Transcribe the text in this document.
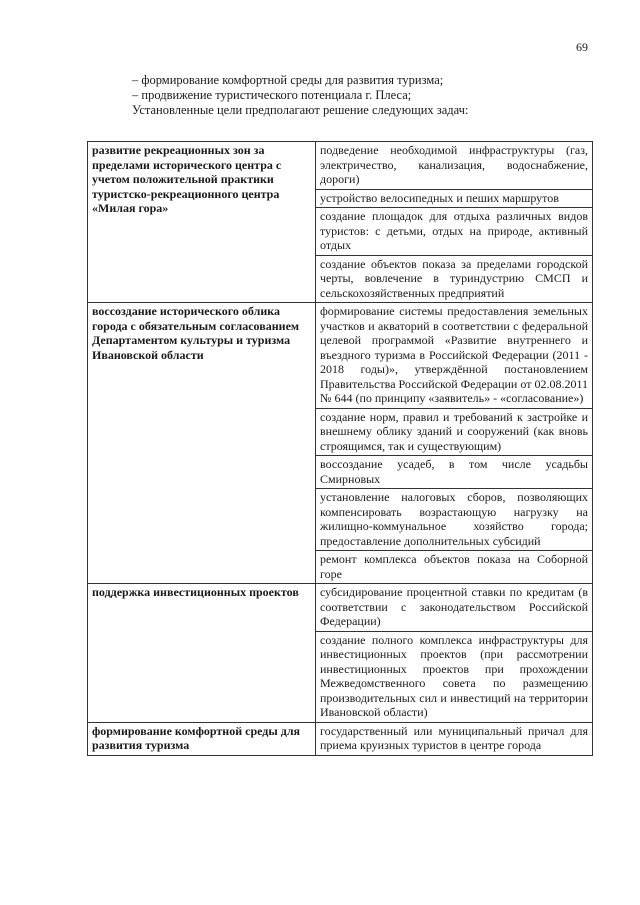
69
– формирование комфортной среды для развития туризма;
– продвижение туристического потенциала г. Плеса;
Установленные цели предполагают решение следующих задач:
развитие рекреационных зон за пределами исторического центра с учетом положительной практики туристско-рекреационного центра «Милая гора»	подведение необходимой инфраструктуры (газ, электричество, канализация, водоснабжение, дороги)
	устройство велосипедных и пеших маршрутов
	создание площадок для отдыха различных видов туристов: с детьми, отдых на природе, активный отдых
	создание объектов показа за пределами городской черты, вовлечение в туриндустрию СМСП и сельскохозяйственных предприятий
воссоздание исторического облика города с обязательным согласованием Департаментом культуры и туризма Ивановской области	формирование системы предоставления земельных участков и акваторий в соответствии с федеральной целевой программой «Развитие внутреннего и въездного туризма в Российской Федерации (2011 - 2018 годы)», утверждённой постановлением Правительства Российской Федерации от 02.08.2011 № 644 (по принципу «заявитель» - «согласование»)
	создание норм, правил и требований к застройке и внешнему облику зданий и сооружений (как вновь строящимся, так и существующим)
	воссоздание усадеб, в том числе усадьбы Смирновых
	установление налоговых сборов, позволяющих компенсировать возрастающую нагрузку на жилищно-коммунальное хозяйство города; предоставление дополнительных субсидий
	ремонт комплекса объектов показа на Соборной горе
поддержка инвестиционных проектов	субсидирование процентной ставки по кредитам (в соответствии с законодательством Российской Федерации)
	создание полного комплекса инфраструктуры для инвестиционных проектов (при рассмотрении инвестиционных проектов при прохождении Межведомственного совета по размещению производительных сил и инвестиций на территории Ивановской области)
формирование комфортной среды для развития туризма	государственный или муниципальный причал для приема круизных туристов в центре города
